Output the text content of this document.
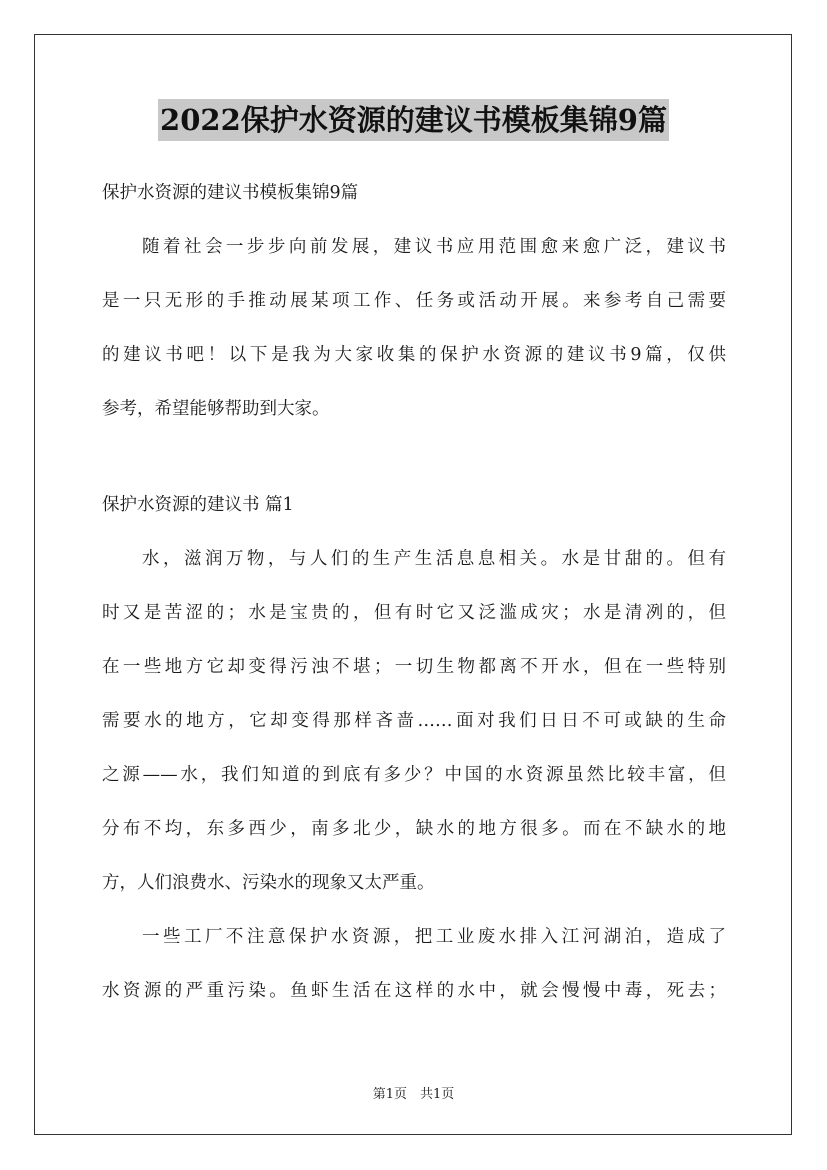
2022保护水资源的建议书模板集锦9篇
保护水资源的建议书模板集锦9篇
随着社会一步步向前发展，建议书应用范围愈来愈广泛，建议书
是一只无形的手推动展某项工作、任务或活动开展。来参考自己需要
的建议书吧！以下是我为大家收集的保护水资源的建议书9篇，仅供
参考，希望能够帮助到大家。
保护水资源的建议书 篇1
水，滋润万物，与人们的生产生活息息相关。水是甘甜的。但有
时又是苦涩的；水是宝贵的，但有时它又泛滥成灾；水是清冽的，但
在一些地方它却变得污浊不堪；一切生物都离不开水，但在一些特别
需要水的地方，它却变得那样吝啬……面对我们日日不可或缺的生命
之源——水，我们知道的到底有多少？中国的水资源虽然比较丰富，但
分布不均，东多西少，南多北少，缺水的地方很多。而在不缺水的地
方，人们浪费水、污染水的现象又太严重。
一些工厂不注意保护水资源，把工业废水排入江河湖泊，造成了
水资源的严重污染。鱼虾生活在这样的水中，就会慢慢中毒，死去；
第1页　共1页
